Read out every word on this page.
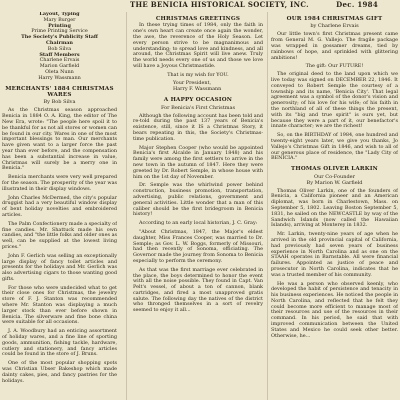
THE BENICIA HISTORICAL SOCIETY, INC.	Dec. 1984
Layout, Typing
Mary Burger
Printing
Prime Printing Service
The Society's Publicity Staff
Chairman
Bob Silva
Staff Members
Charlene Ervais
Marion Garfield
Oleta Nunn
Harry Wassmann
MERCHANTS' 1884 CHRISTMAS WARES
By Bob Silva

As the Christmas season approached Benicia in 1884 O. A. King, the editor of The New Era, wrote: "The people here spoil it to be thankful for as not all stores or women can be found in our city. Wares in one of the most important blessings to man. Our merchants have given want to a larger force the past year than ever before, and the compensation has been a substantial increase in value, Christmas will surely be a merry one in Benicia."

Benicia merchants were very well prepared for the season. The prosperity of the year was illustrated in their display windows.

John Charles McDermed, the city's popular druggist had a very beautiful window display of bent holiday novelties and embroidered articles.

The Palm Confectionery made a specialty of fine candies. Mr. Shattuck made his own candies, and "the little folks and older ones as well, can be supplied at the lowest living prices."

John F. Gerlich was selling an exceptionally large display of fancy toilet articles and presents for the holidays and Mr. Gerlich was also advertising cigars to those wanting good gifts.

For those who were undecided what to get their close ones for Christmas, the jewelry store of F. J. Stanton was recommended where Mr. Stanton was displaying a much larger stock than ever before shown in Benicia. The silverware and fine bone china were suitable for all occasions.

J. A. Woodbury had an enticing assortment of holiday wares, and a fine line of sporting goods, ammunition, fishing tackle, hardware, cutlery and stationery, and fancy articles could be found in the store of J. Bruns.

One of the most popular shopping spots was Christian Ubser Bakeshop which made dainty cakes, pies, and fancy pastries for the holidays.

CHRISTMAS GREETINGS

In these trying times of 1984, only the faith in one's own heart can create once again the wonder, the awe, the reverence of the Holy Season. Let every person strive to be magnanimous and understanding; to spread love and kindness, and all around, the Christmas Spirit will live anew. Truly the world needs every one of us and those we love will have a Joyous Christmastide.

That is my wish for YOU.
Your President,
Harry F. Wassmann
A HAPPY OCCASION
For Benicia's First Christmas

Although the following account has been told and re-told during the past 137 years of Benicia's existence, still, since it IS a Christmas Story, it bears repeating in this, the Society's Christmas-time publication.

Major Stephen Cooper (who would be appointed Benicia's first Alcalde in January 1848) and his family were among the first settlers to arrive in the new town in the autumn of 1847. Here they were greeted by Dr. Robert Semple, in whose house with him on the 1st day of November.

Dr. Semple was the whirlwind power behind construction, business promotion, transportation, advertising, public relations, government and general activities. Little wonder that a man of this caliber should be the first bridegroom in Benicia history!

According to an early local historian, J. C. Gray:

"About Christmas, 1847, the Major's eldest daughter, Miss Frances Cooper, was married to Dr. Semple; as Gov. L. W. Boggs, formerly of Missouri, had then recently of Sonoma, officiating. The Governor made the journey from Sonoma to Benicia especially to perform the ceremony.

As that was the first marriage ever celebrated in the place, the boys determined to honor the event with all the noise possible. They found in Capt. Van Pelt's vessel, of about a ton of cannon, blank cartridges, and fired a most unapproved gratis salute. The following day the natives of the district who thronged themselves in a sort of revelry seemed to enjoy it all...

OUR 1984 CHRISTMAS GIFT
by Charlene Ervais

Our little town's first Christmas present came from General M. G. Vallejo. The fragile package was wrapped in gossamer dreams, tied by rainbows of hope, and sprinkled with glittering ambitions!

The gift: Our FUTURE!

The original deed to the land upon which we live today was signed on DECEMBER 22, 1846. It conveyed to Robert Semple the courtesy of a township and its name, 'Benicia City'. That legal agreement was a symbol of the donor's vision and generosity; of his love for his wife; of his faith in the northland of all of these things the present, with its "big and true spirit" is ours yet, but because they were a part of it, our benefactor's innate character; we are the richest!

So, on the BIRTHDAY of 1984, one hundred and twenty-eight years later, we give you thanks, Jo Vallejo's Christmas Gift in 1846, and wish to all of our generous place of residence, the "Lady City of BENICIA."

THOMAS OLIVER LARKIN
Our Co-Founder
By Marion W. Garfield

Thomas Oliver Larkin, one of the founders of Benicia, a California pioneer and an American diplomat, was born in Charlestown, Mass. on September 5, 1802. Leaving Boston September 5, 1831, he sailed on the NEWCASTLE by way of the Sandwich Islands (now called the Hawaiian Islands), arriving at Monterey in 1832.

Mr. Larkin, twenty-nine years of age when he arrived in the old provincial capital of California, had previously had seven years of business experience in North Carolina and as one on the STAAH operates in Barnstable. All were financial failures. Appointed as justice of peace and prosecutor in North Carolina, indicates that he was a trusted member of his community.

He was a person who observed keenly, who developed the habit of persistence and tenacity in his business experiences. He noticed the people in North Carolina, and reflected that he felt they could become more efficient to manage most of their resources and use of the resources in their command. In his period, he said that with improved communication between the United States and Mexico he could seek other better. Otherwise, he...
